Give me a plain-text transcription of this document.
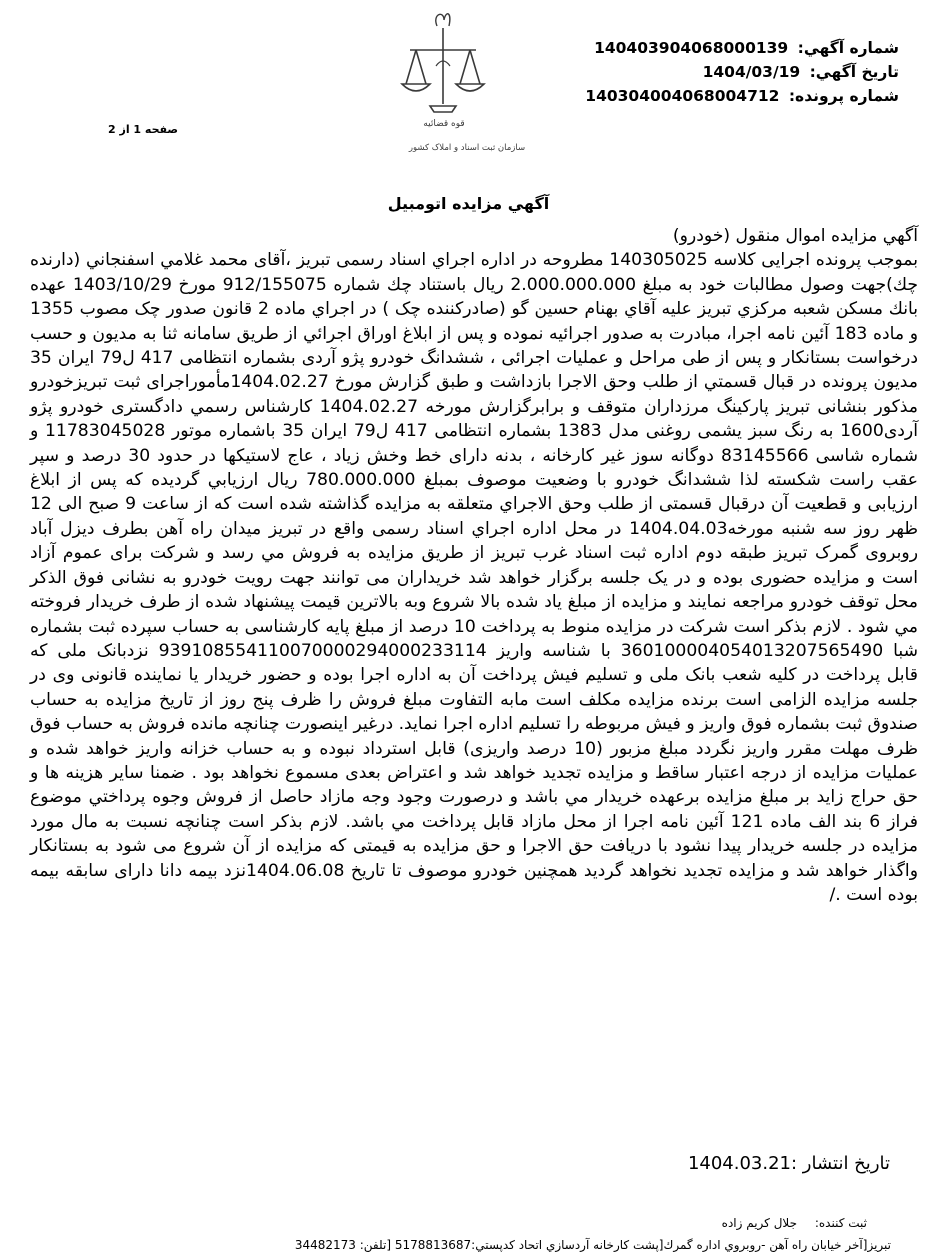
شماره آگهي: 140403904068000139
تاريخ آگهي: 1404/03/19
شماره پرونده: 140304004068004712
قوه قضائیه
سازمان ثبت اسناد و املاک کشور
صفحه 1 از 2
آگهي مزايده اتومبيل

آگهي مزايده اموال منقول (خودرو)

بموجب پرونده اجرایی کلاسه 140305025 مطروحه در اداره اجراي اسناد رسمی تبریز ،آقای محمد غلامي اسفنجاني (دارنده چك)جهت وصول مطالبات خود به مبلغ 2.000.000.000 ريال باستناد چك شماره 912/155075 مورخ 1403/10/29 عهده بانك مسكن شعبه مركزي تبريز علیه آقاي بهنام حسين گو (صادرکننده چک ) در اجراي ماده 2 قانون صدور چک مصوب 1355 و ماده 183 آئين نامه اجرا، مبادرت به صدور اجرائيه نموده و پس از ابلاغ اوراق اجرائي از طريق سامانه ثنا به مديون و حسب درخواست بستانكار و پس از طی مراحل و عملیات اجرائی ، ششدانگ خودرو پژو آردی بشماره انتظامی 417 ل79 ايران 35 مديون پرونده در قبال قسمتي از طلب وحق الاجرا بازداشت و طبق گزارش مورخ 1404.02.27مأموراجرای ثبت تبریزخودرو مذکور بنشانی تبریز پارکینگ مرزداران متوقف و برابرگزارش مورخه 1404.02.27 کارشناس رسمي دادگستری خودرو پژو آردی1600 به رنگ سبز یشمی روغنی مدل 1383 بشماره انتظامی 417 ل79 ایران 35 باشماره موتور 11783045028 و شماره شاسی 83145566 دوگانه سوز غیر کارخانه ، بدنه دارای خط وخش زیاد ، عاج لاستیکها در حدود 30 درصد و سپر عقب راست شکسته لذا ششدانگ خودرو با وضعیت موصوف بمبلغ 780.000.000 ريال ارزيابي گرديده که پس از ابلاغ ارزيابی و قطعيت آن درقبال قسمتی از طلب وحق الاجراي متعلقه به مزايده گذاشته شده است که از ساعت 9 صبح الی 12 ظهر روز سه شنبه مورخه1404.04.03 در محل اداره اجراي اسناد رسمی واقع در تبریز میدان راه آهن بطرف دیزل آباد روبروی گمرک تبریز طبقه دوم اداره ثبت اسناد غرب تبریز از طريق مزايده به فروش مي رسد و شرکت برای عموم آزاد است و مزایده حضوری بوده و در یک جلسه برگزار خواهد شد خریداران می توانند جهت رویت خودرو به نشانی فوق الذکر محل توقف خودرو مراجعه نمایند و مزايده از مبلغ ياد شده بالا شروع وبه بالاترین قیمت پیشنهاد شده از طرف خريدار فروخته مي شود . لازم بذکر است شرکت در مزایده منوط به پرداخت 10 درصد از مبلغ پایه کارشناسی به حساب سپرده ثبت بشماره شبا 360100004054013207565490 با شناسه واریز 939108554110070000294000233114 نزدبانک ملی که قابل پرداخت در کلیه شعب بانک ملی و تسلیم فیش پرداخت آن به اداره اجرا بوده و حضور خریدار یا نماینده قانونی وی در جلسه مزایده الزامی است برنده مزایده مکلف است مابه التفاوت مبلغ فروش را ظرف پنج روز از تاریخ مزایده به حساب صندوق ثبت بشماره فوق واریز و فیش مربوطه را تسلیم اداره اجرا نماید. درغیر اینصورت چنانچه مانده فروش به حساب فوق ظرف مهلت مقرر واریز نگردد مبلغ مزبور (10 درصد واریزی) قابل استرداد نبوده و به حساب خزانه واریز خواهد شده و عملیات مزایده از درجه اعتبار ساقط و مزایده تجدید خواهد شد و اعتراض بعدی مسموع نخواهد بود . ضمنا ساير هزينه ها و حق حراج زايد بر مبلغ مزايده برعهده خريدار مي باشد و درصورت وجود وجه مازاد حاصل از فروش وجوه پرداختي موضوع فراز 6 بند الف ماده 121 آئين نامه اجرا از محل مازاد قابل پرداخت مي باشد. لازم بذکر است چنانچه نسبت به مال مورد مزایده در جلسه خريدار پيدا نشود با دریافت حق الاجرا و حق مزایده به قیمتی که مزایده از آن شروع می شود به بستانکار واگذار خواهد شد و مزایده تجدید نخواهد گردید همچنین خودرو موصوف تا تاریخ 1404.06.08نزد بیمه دانا دارای سابقه بیمه بوده است ./

تاریخ انتشار :1404.03.21
ثبت كننده: جلال كريم زاده
تبريز[آخر خيابان راه آهن -روبروي اداره گمرك[پشت كارخانه آردسازي اتحاد كدپستي:5178813687 [تلفن: 34482173
